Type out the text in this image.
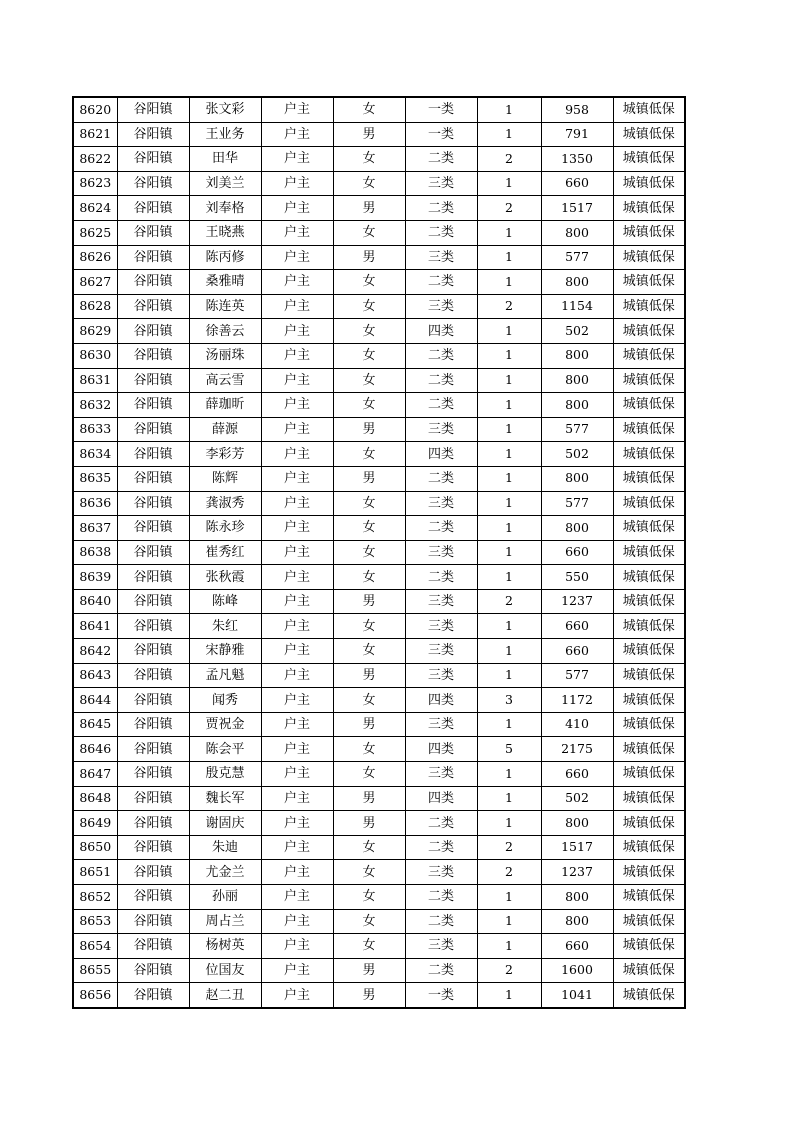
8620	谷阳镇	张文彩	户主	女	一类	1	958	城镇低保
8621	谷阳镇	王业务	户主	男	一类	1	791	城镇低保
8622	谷阳镇	田华	户主	女	二类	2	1350	城镇低保
8623	谷阳镇	刘美兰	户主	女	三类	1	660	城镇低保
8624	谷阳镇	刘奉格	户主	男	二类	2	1517	城镇低保
8625	谷阳镇	王晓燕	户主	女	二类	1	800	城镇低保
8626	谷阳镇	陈丙修	户主	男	三类	1	577	城镇低保
8627	谷阳镇	桑雅晴	户主	女	二类	1	800	城镇低保
8628	谷阳镇	陈连英	户主	女	三类	2	1154	城镇低保
8629	谷阳镇	徐善云	户主	女	四类	1	502	城镇低保
8630	谷阳镇	汤丽珠	户主	女	二类	1	800	城镇低保
8631	谷阳镇	高云雪	户主	女	二类	1	800	城镇低保
8632	谷阳镇	薛珈昕	户主	女	二类	1	800	城镇低保
8633	谷阳镇	薛源	户主	男	三类	1	577	城镇低保
8634	谷阳镇	李彩芳	户主	女	四类	1	502	城镇低保
8635	谷阳镇	陈辉	户主	男	二类	1	800	城镇低保
8636	谷阳镇	龚淑秀	户主	女	三类	1	577	城镇低保
8637	谷阳镇	陈永珍	户主	女	二类	1	800	城镇低保
8638	谷阳镇	崔秀红	户主	女	三类	1	660	城镇低保
8639	谷阳镇	张秋霞	户主	女	二类	1	550	城镇低保
8640	谷阳镇	陈峰	户主	男	三类	2	1237	城镇低保
8641	谷阳镇	朱红	户主	女	三类	1	660	城镇低保
8642	谷阳镇	宋静雅	户主	女	三类	1	660	城镇低保
8643	谷阳镇	孟凡魁	户主	男	三类	1	577	城镇低保
8644	谷阳镇	闻秀	户主	女	四类	3	1172	城镇低保
8645	谷阳镇	贾祝金	户主	男	三类	1	410	城镇低保
8646	谷阳镇	陈会平	户主	女	四类	5	2175	城镇低保
8647	谷阳镇	殷克慧	户主	女	三类	1	660	城镇低保
8648	谷阳镇	魏长军	户主	男	四类	1	502	城镇低保
8649	谷阳镇	谢固庆	户主	男	二类	1	800	城镇低保
8650	谷阳镇	朱迪	户主	女	二类	2	1517	城镇低保
8651	谷阳镇	尤金兰	户主	女	三类	2	1237	城镇低保
8652	谷阳镇	孙丽	户主	女	二类	1	800	城镇低保
8653	谷阳镇	周占兰	户主	女	二类	1	800	城镇低保
8654	谷阳镇	杨树英	户主	女	三类	1	660	城镇低保
8655	谷阳镇	位国友	户主	男	二类	2	1600	城镇低保
8656	谷阳镇	赵二丑	户主	男	一类	1	1041	城镇低保
